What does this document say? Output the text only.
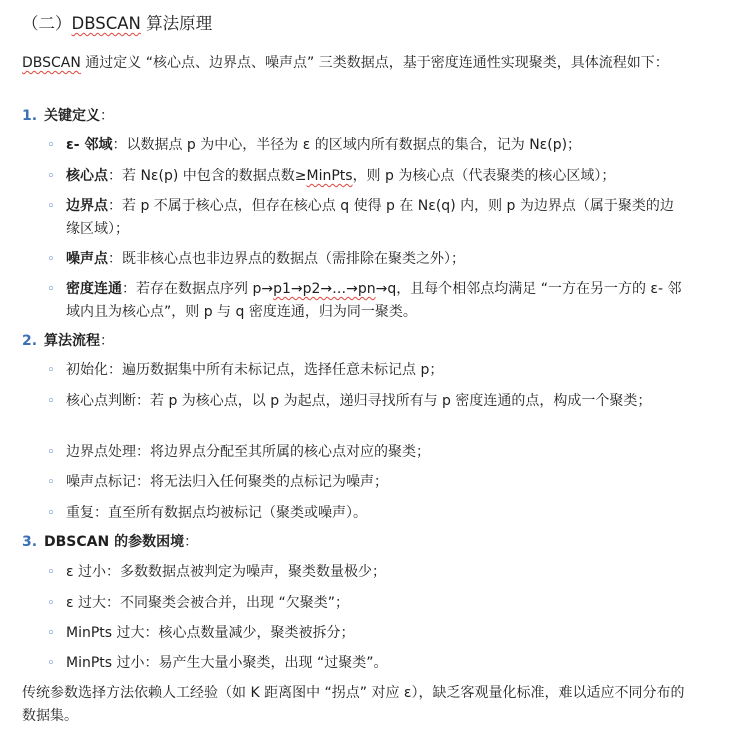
（二）DBSCAN 算法原理
DBSCAN 通过定义 “核心点、边界点、噪声点” 三类数据点，基于密度连通性实现聚类，具体流程如下：
1. 关键定义：
◦ ε- 邻域：以数据点 p 为中心，半径为 ε 的区域内所有数据点的集合，记为 Nε(p)；
◦ 核心点：若 Nε(p) 中包含的数据点数≥MinPts，则 p 为核心点（代表聚类的核心区域）；
◦ 边界点：若 p 不属于核心点，但存在核心点 q 使得 p 在 Nε(q) 内，则 p 为边界点（属于聚类的边缘区域）；
◦ 噪声点：既非核心点也非边界点的数据点（需排除在聚类之外）；
◦ 密度连通：若存在数据点序列 p→p1→p2→…→pn→q，且每个相邻点均满足 “一方在另一方的 ε- 邻域内且为核心点”，则 p 与 q 密度连通，归为同一聚类。
2. 算法流程：
◦ 初始化：遍历数据集中所有未标记点，选择任意未标记点 p；
◦ 核心点判断：若 p 为核心点，以 p 为起点，递归寻找所有与 p 密度连通的点，构成一个聚类；
◦ 边界点处理：将边界点分配至其所属的核心点对应的聚类；
◦ 噪声点标记：将无法归入任何聚类的点标记为噪声；
◦ 重复：直至所有数据点均被标记（聚类或噪声）。
3. DBSCAN 的参数困境：
◦ ε 过小：多数数据点被判定为噪声，聚类数量极少；
◦ ε 过大：不同聚类会被合并，出现 “欠聚类”；
◦ MinPts 过大：核心点数量减少，聚类被拆分；
◦ MinPts 过小：易产生大量小聚类，出现 “过聚类”。
传统参数选择方法依赖人工经验（如 K 距离图中 “拐点” 对应 ε），缺乏客观量化标准，难以适应不同分布的数据集。
